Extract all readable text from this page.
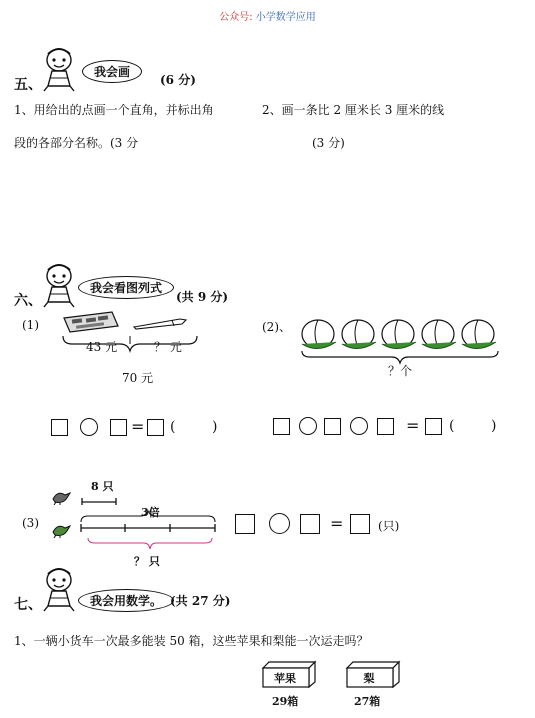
公众号: 小学数学应用
五、
我会画
(6 分)
1、用给出的点画一个直角，并标出角
段的各部分名称。(3 分
2、画一条比 2 厘米长 3 厘米的线
(3 分)
六、
我会看图列式
(共 9 分)
(1)
43 元	？ 元
70 元
(2)、
？个
= (	)	= (	)
8 只
(3)
3倍
？ 只
=	(只)
七、	我会用数学。 (共 27 分)
1、一辆小货车一次最多能装 50 箱，这些苹果和梨能一次运走吗？
苹果
29箱
梨
27箱
